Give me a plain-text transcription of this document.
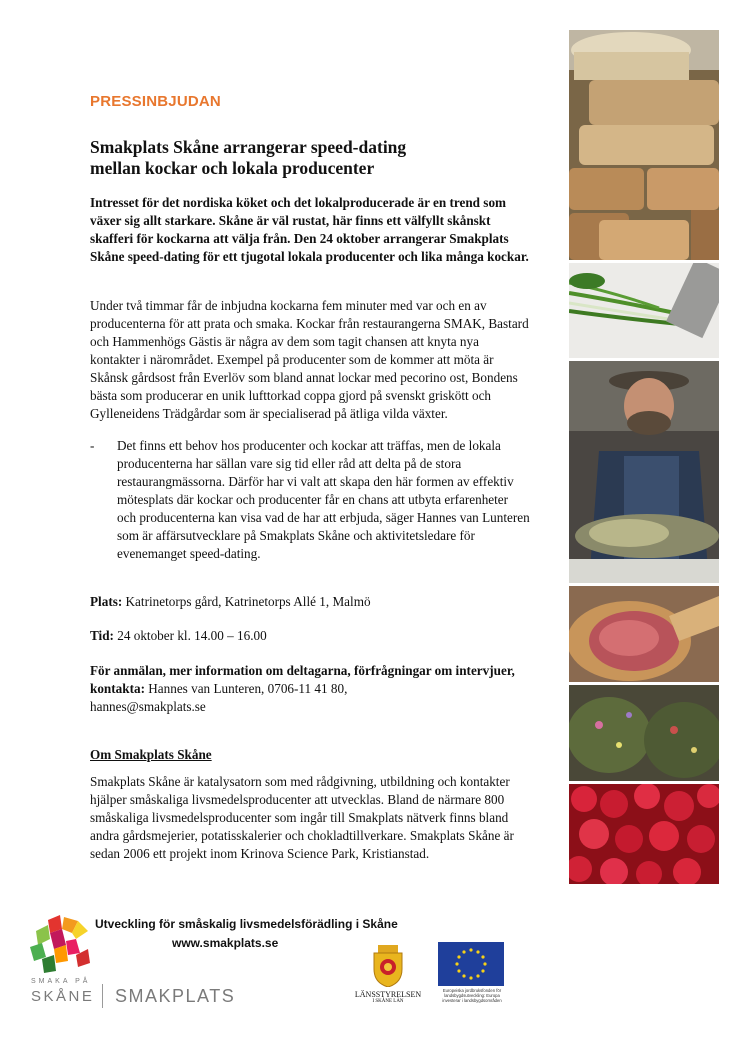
PRESSINBJUDAN
Smakplats Skåne arrangerar speed-dating
mellan kockar och lokala producenter
Intresset för det nordiska köket och det lokalproducerade är en trend som växer sig allt starkare. Skåne är väl rustat, här finns ett välfyllt skånskt skafferi för kockarna att välja från. Den 24 oktober arrangerar Smakplats Skåne speed-dating för ett tjugotal lokala producenter och lika många kockar.
Under två timmar får de inbjudna kockarna fem minuter med var och en av producenterna för att prata och smaka. Kockar från restaurangerna SMAK, Bastard och Hammenhögs Gästis är några av dem som tagit chansen att knyta nya kontakter i närområdet. Exempel på producenter som de kommer att möta är Skånsk gårdsost från Everlöv som bland annat lockar med pecorino ost, Bondens bästa som producerar en unik lufttorkad coppa gjord på svenskt griskött och Gylleneidens Trädgårdar som är specialiserad på ätliga vilda växter.
-	Det finns ett behov hos producenter och kockar att träffas, men de lokala producenterna har sällan vare sig tid eller råd att delta på de stora restaurangmässorna. Därför har vi valt att skapa den här formen av effektiv mötesplats där kockar och producenter får en chans att utbyta erfarenheter och producenterna kan visa vad de har att erbjuda, säger Hannes van Lunteren som är affärsutvecklare på Smakplats Skåne och aktivitetsledare för evenemanget speed-dating.
Plats: Katrinetorps gård, Katrinetorps Allé 1, Malmö
Tid: 24 oktober kl. 14.00 – 16.00
För anmälan, mer information om deltagarna, förfrågningar om intervjuer, kontakta: Hannes van Lunteren, 0706-11 41 80,
hannes@smakplats.se
Om Smakplats Skåne
Smakplats Skåne är katalysatorn som med rådgivning, utbildning och kontakter hjälper småskaliga livsmedelsproducenter att utvecklas. Bland de närmare 800 småskaliga livsmedelsproducenter som ingår till Smakplats nätverk finns bland andra gårdsmejerier, potatisskalerier och chokladtillverkare. Smakplats Skåne är sedan 2006 ett projekt inom Krinova Science Park, Kristianstad.
Utveckling för småskalig livsmedelsförädling i Skåne
www.smakplats.se
SMAKA PÅ
SKÅNE SMAKPLATS	LÄNSSTYRELSEN
I SKÅNE LÄN
Europeiska jordbruksfonden för landsbygdsutveckling: Europa investerar i landsbygdsområden
